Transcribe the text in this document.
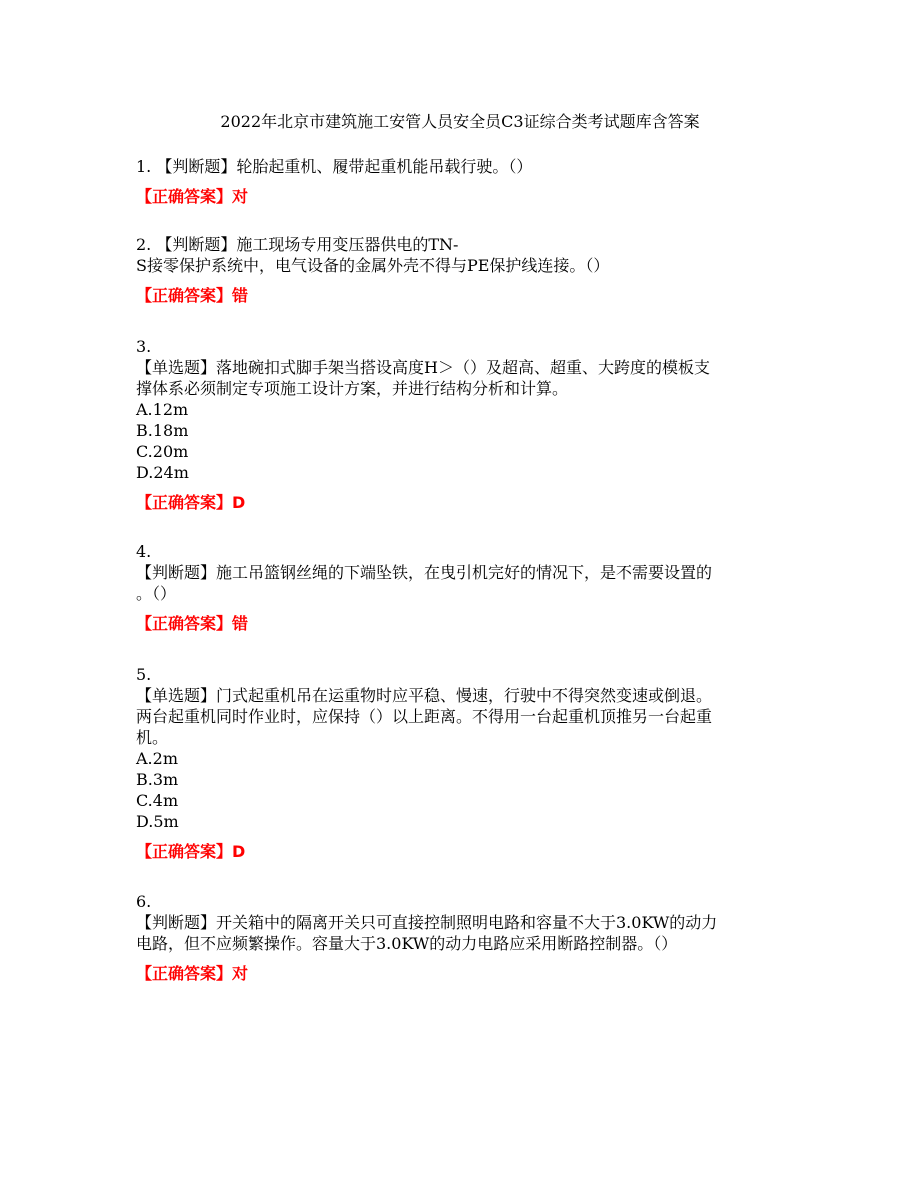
2022年北京市建筑施工安管人员安全员C3证综合类考试题库含答案
1. 【判断题】轮胎起重机、履带起重机能吊载行驶。（）
【正确答案】对
2. 【判断题】施工现场专用变压器供电的TN-
S接零保护系统中，电气设备的金属外壳不得与PE保护线连接。（）
【正确答案】错
3.
【单选题】落地碗扣式脚手架当搭设高度H＞（）及超高、超重、大跨度的模板支
撑体系必须制定专项施工设计方案，并进行结构分析和计算。
A.12m
B.18m
C.20m
D.24m
【正确答案】D
4.
【判断题】施工吊篮钢丝绳的下端坠铁，在曳引机完好的情况下，是不需要设置的
。（）
【正确答案】错
5.
【单选题】门式起重机吊在运重物时应平稳、慢速，行驶中不得突然变速或倒退。
两台起重机同时作业时，应保持（）以上距离。不得用一台起重机顶推另一台起重
机。
A.2m
B.3m
C.4m
D.5m
【正确答案】D
6.
【判断题】开关箱中的隔离开关只可直接控制照明电路和容量不大于3.0KW的动力
电路，但不应频繁操作。容量大于3.0KW的动力电路应采用断路控制器。（）
【正确答案】对
